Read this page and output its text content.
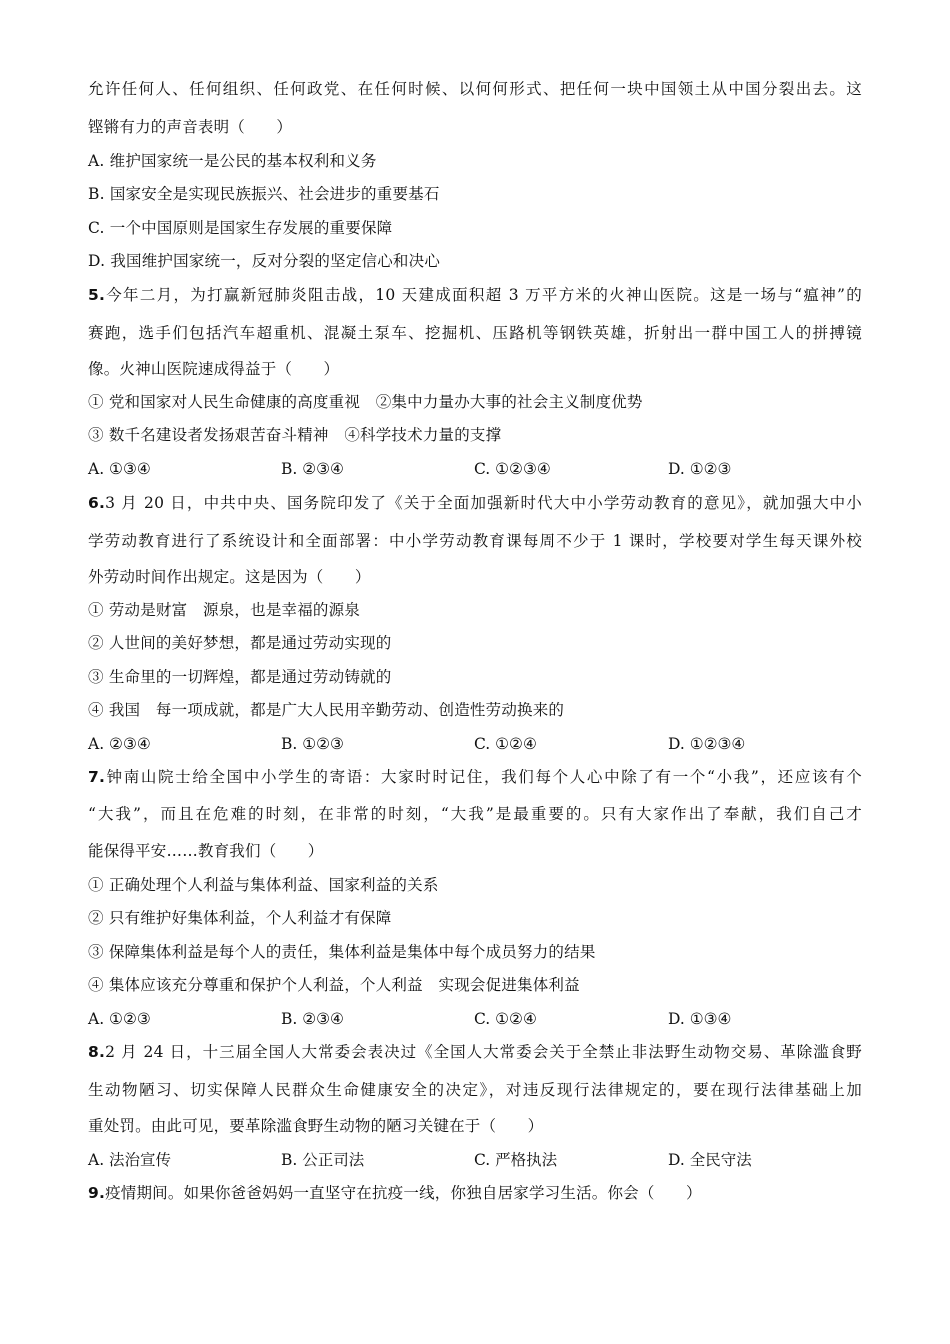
允许任何人、任何组织、任何政党、在任何时候、以何何形式、把任何一块中国领土从中国分裂出去。这
铿锵有力的声音表明（　　）
A. 维护国家统一是公民的基本权利和义务
B. 国家安全是实现民族振兴、社会进步的重要基石
C. 一个中国原则是国家生存发展的重要保障
D. 我国维护国家统一，反对分裂的坚定信心和决心
5.今年二月，为打赢新冠肺炎阻击战，10 天建成面积超 3 万平方米的火神山医院。这是一场与“瘟神”的
赛跑，选手们包括汽车超重机、混凝土泵车、挖掘机、压路机等钢铁英雄，折射出一群中国工人的拼搏镜
像。火神山医院速成得益于（　　）
① 党和国家对人民生命健康的高度重视　②集中力量办大事的社会主义制度优势
③ 数千名建设者发扬艰苦奋斗精神　④科学技术力量的支撑
A. ①③④	B. ②③④	C. ①②③④	D. ①②③
6.3 月 20 日，中共中央、国务院印发了《关于全面加强新时代大中小学劳动教育的意见》，就加强大中小
学劳动教育进行了系统设计和全面部署：中小学劳动教育课每周不少于 1 课时，学校要对学生每天课外校
外劳动时间作出规定。这是因为（　　）
① 劳动是财富　源泉，也是幸福的源泉
② 人世间的美好梦想，都是通过劳动实现的
③ 生命里的一切辉煌，都是通过劳动铸就的
④ 我国　每一项成就，都是广大人民用辛勤劳动、创造性劳动换来的
A. ②③④	B. ①②③	C. ①②④	D. ①②③④
7.钟南山院士给全国中小学生的寄语：大家时时记住，我们每个人心中除了有一个“小我”，还应该有个
“大我”，而且在危难的时刻，在非常的时刻，“大我”是最重要的。只有大家作出了奉献，我们自己才
能保得平安……教育我们（　　）
① 正确处理个人利益与集体利益、国家利益的关系
② 只有维护好集体利益，个人利益才有保障
③ 保障集体利益是每个人的责任，集体利益是集体中每个成员努力的结果
④ 集体应该充分尊重和保护个人利益，个人利益　实现会促进集体利益
A. ①②③	B. ②③④	C. ①②④	D. ①③④
8.2 月 24 日，十三届全国人大常委会表决过《全国人大常委会关于全禁止非法野生动物交易、革除滥食野
生动物陋习、切实保障人民群众生命健康安全的决定》，对违反现行法律规定的，要在现行法律基础上加
重处罚。由此可见，要革除滥食野生动物的陋习关键在于（　　）
A. 法治宣传	B. 公正司法	C. 严格执法	D. 全民守法
9.疫情期间。如果你爸爸妈妈一直坚守在抗疫一线，你独自居家学习生活。你会（　　）
